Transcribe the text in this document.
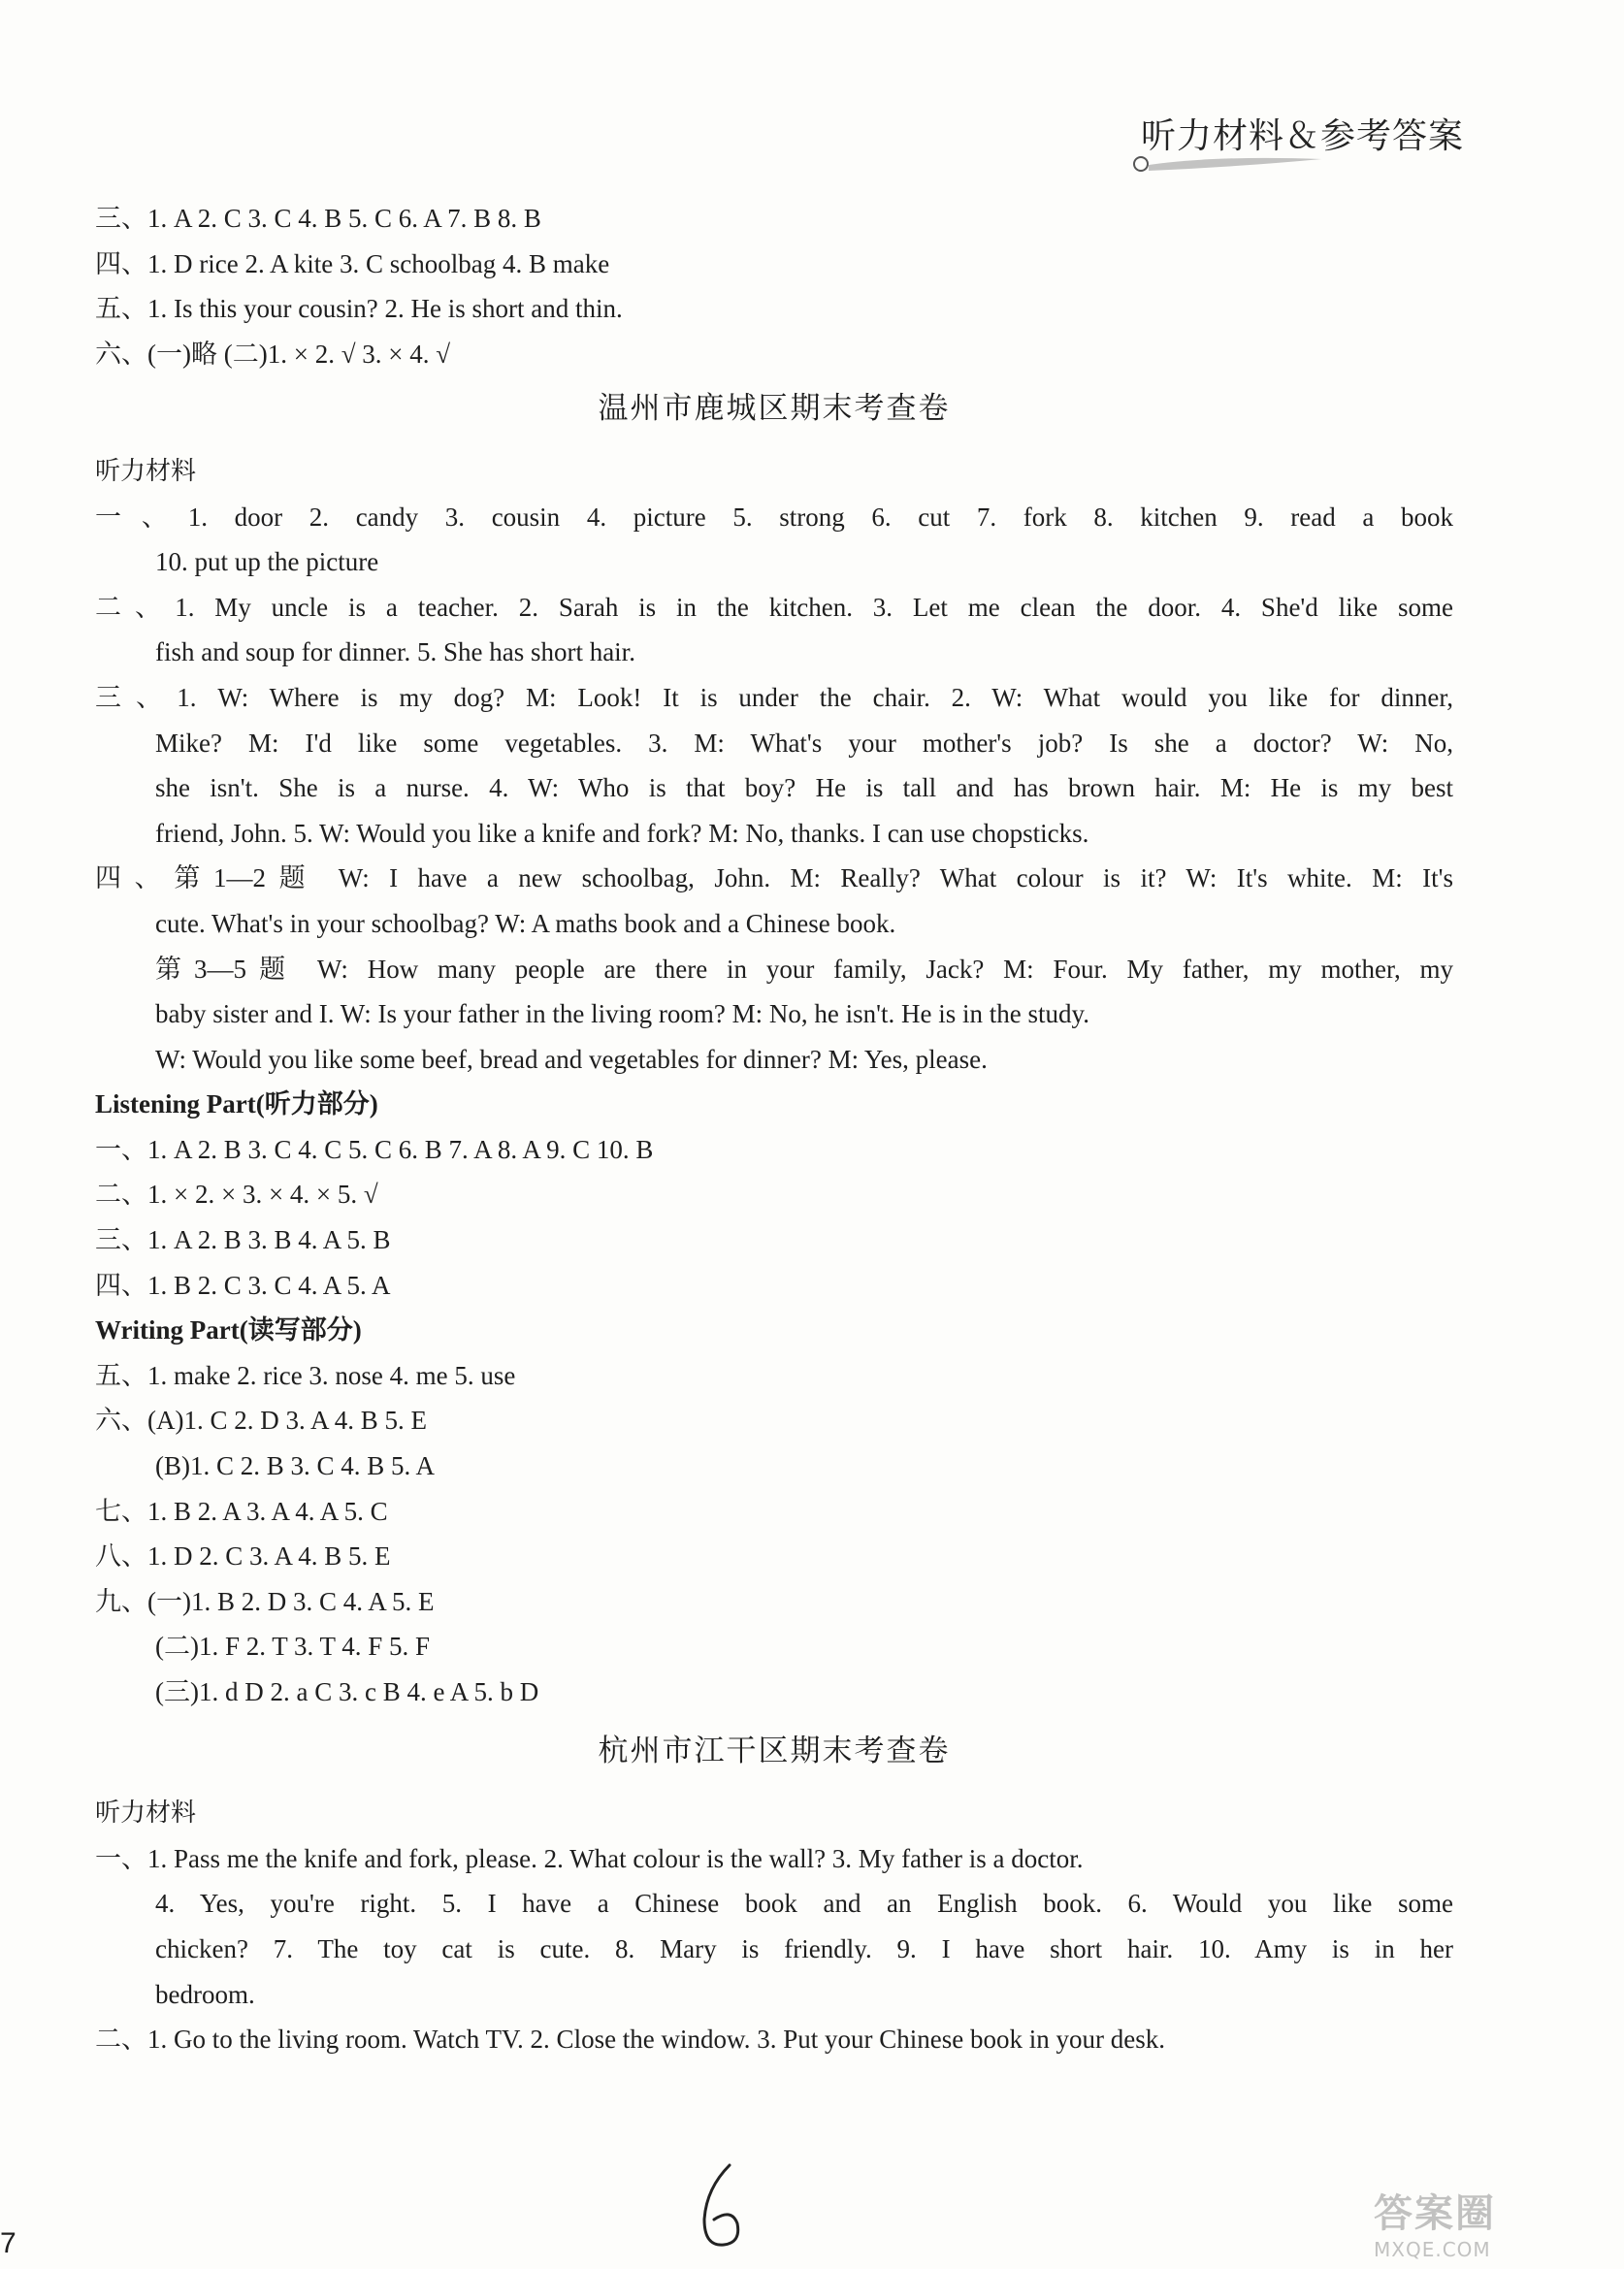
听力材料＆参考答案
三、1. A 2. C 3. C 4. B 5. C 6. A 7. B 8. B
四、1. D rice 2. A kite 3. C schoolbag 4. B make
五、1. Is this your cousin? 2. He is short and thin.
六、(一)略 (二)1. × 2. √ 3. × 4. √
温州市鹿城区期末考查卷
听力材料
一、1. door 2. candy 3. cousin 4. picture 5. strong 6. cut 7. fork 8. kitchen 9. read a book
10. put up the picture
二、1. My uncle is a teacher. 2. Sarah is in the kitchen. 3. Let me clean the door. 4. She'd like some
fish and soup for dinner. 5. She has short hair.
三、1. W: Where is my dog? M: Look! It is under the chair. 2. W: What would you like for dinner,
Mike? M: I'd like some vegetables. 3. M: What's your mother's job? Is she a doctor? W: No,
she isn't. She is a nurse. 4. W: Who is that boy? He is tall and has brown hair. M: He is my best
friend, John. 5. W: Would you like a knife and fork? M: No, thanks. I can use chopsticks.
四、第1—2题 W: I have a new schoolbag, John. M: Really? What colour is it? W: It's white. M: It's
cute. What's in your schoolbag? W: A maths book and a Chinese book.
第3—5题 W: How many people are there in your family, Jack? M: Four. My father, my mother, my
baby sister and I. W: Is your father in the living room? M: No, he isn't. He is in the study.
W: Would you like some beef, bread and vegetables for dinner? M: Yes, please.
Listening Part(听力部分)
一、1. A 2. B 3. C 4. C 5. C 6. B 7. A 8. A 9. C 10. B
二、1. × 2. × 3. × 4. × 5. √
三、1. A 2. B 3. B 4. A 5. B
四、1. B 2. C 3. C 4. A 5. A
Writing Part(读写部分)
五、1. make 2. rice 3. nose 4. me 5. use
六、(A)1. C 2. D 3. A 4. B 5. E
(B)1. C 2. B 3. C 4. B 5. A
七、1. B 2. A 3. A 4. A 5. C
八、1. D 2. C 3. A 4. B 5. E
九、(一)1. B 2. D 3. C 4. A 5. E
(二)1. F 2. T 3. T 4. F 5. F
(三)1. d D 2. a C 3. c B 4. e A 5. b D
杭州市江干区期末考查卷
听力材料
一、1. Pass me the knife and fork, please. 2. What colour is the wall? 3. My father is a doctor.
4. Yes, you're right. 5. I have a Chinese book and an English book. 6. Would you like some
chicken? 7. The toy cat is cute. 8. Mary is friendly. 9. I have short hair. 10. Amy is in her
bedroom.
二、1. Go to the living room. Watch TV. 2. Close the window. 3. Put your Chinese book in your desk.
7
答案圈
MXQE.COM
